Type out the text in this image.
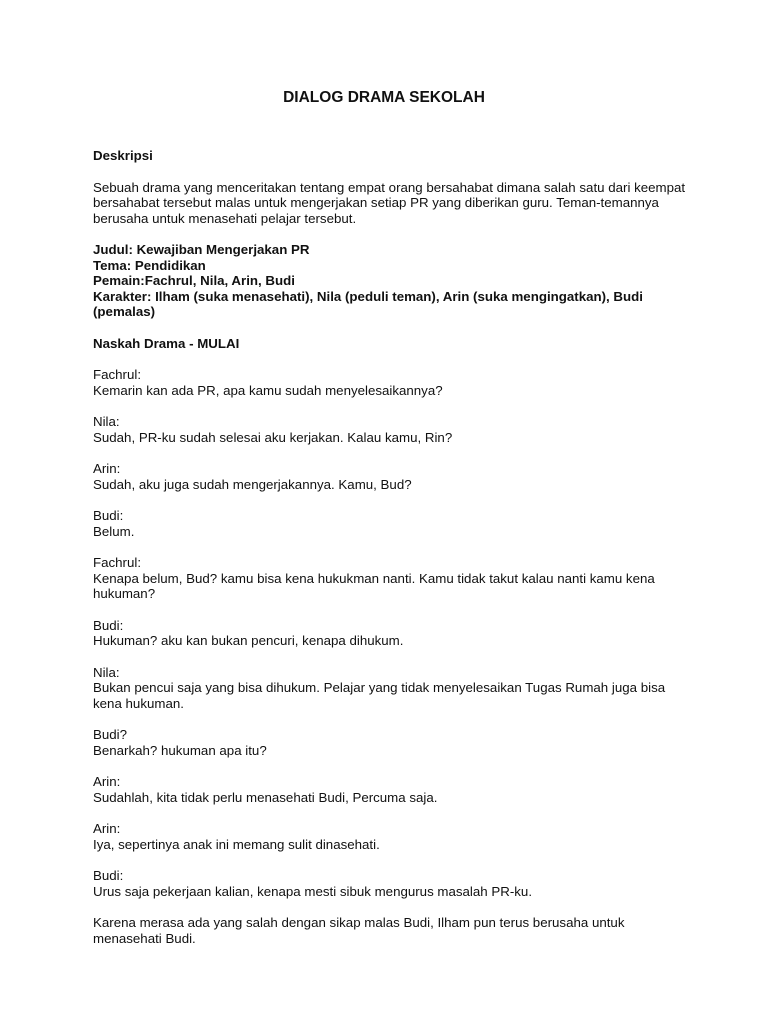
DIALOG DRAMA SEKOLAH

Deskripsi

Sebuah drama yang menceritakan tentang empat orang bersahabat dimana salah satu dari keempat bersahabat tersebut malas untuk mengerjakan setiap PR yang diberikan guru. Teman-temannya berusaha untuk menasehati pelajar tersebut.

Judul: Kewajiban Mengerjakan PR

Tema: Pendidikan

Pemain:Fachrul, Nila, Arin, Budi

Karakter: Ilham (suka menasehati), Nila (peduli teman), Arin (suka mengingatkan), Budi (pemalas)

Naskah Drama - MULAI

Fachrul:
Kemarin kan ada PR, apa kamu sudah menyelesaikannya?
Nila:
Sudah, PR-ku sudah selesai aku kerjakan. Kalau kamu, Rin?
Arin:
Sudah, aku juga sudah mengerjakannya. Kamu, Bud?
Budi:
Belum.
Fachrul:
Kenapa belum, Bud? kamu bisa kena hukukman nanti. Kamu tidak takut kalau nanti kamu kena hukuman?
Budi:
Hukuman? aku kan bukan pencuri, kenapa dihukum.
Nila:
Bukan pencui saja yang bisa dihukum. Pelajar yang tidak menyelesaikan Tugas Rumah juga bisa kena hukuman.
Budi?
Benarkah? hukuman apa itu?
Arin:
Sudahlah, kita tidak perlu menasehati Budi, Percuma saja.
Arin:
Iya, sepertinya anak ini memang sulit dinasehati.
Budi:
Urus saja pekerjaan kalian, kenapa mesti sibuk mengurus masalah PR-ku.

Karena merasa ada yang salah dengan sikap malas Budi, Ilham pun terus berusaha untuk menasehati Budi.
